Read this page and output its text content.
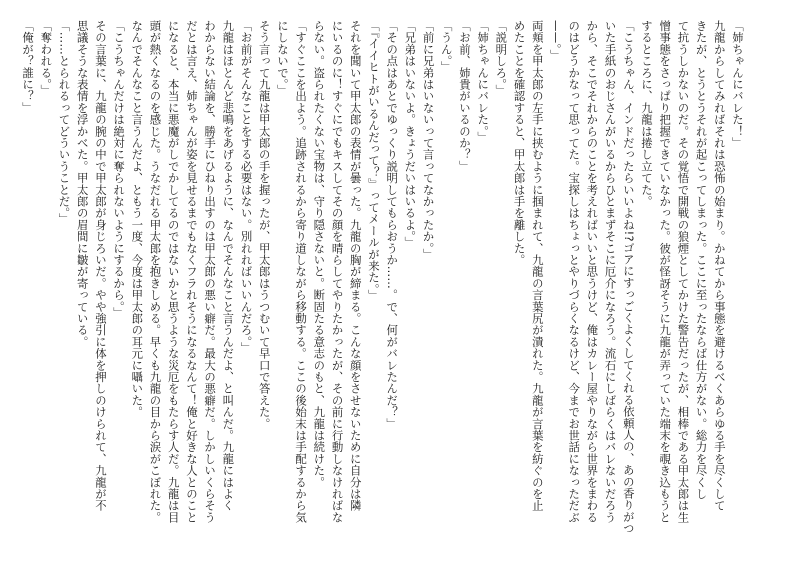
「姉ちゃんにバレた！」

九龍からしてみればそれは恐怖の始まり。かねてから事態を避けるべくあらゆる手を尽くして

きたが、とうとうそれが起こってしまった。ここに至ったならば仕方がない。総力を尽くし

て抗うしかないのだ。その覚悟で開戦の狼煙としてかけた警告だったが、相棒である甲太郎は生

憎事態をさっぱり把握できていなかった。彼が怪訝そうに九龍が弄っていた端末を覗き込もうと

するところに、九龍は捲し立てた。

「こうちゃん、インドだったらいいよね!?ゴアにすっごくよくしてくれる依頼人の、あの香りがつ

いた手紙のおじさんがいるからひとまずそこに厄介になろう。流石にしばらくはバレないだろう

から、そこでそれからのことを考えればいいと思うけど、俺はカレー屋やりながら世界をまわる

のはどうかなって思ってた。宝探しはちょっとやりづらくなるけど、今までお世話になっただぶ

——。」

両頬を甲太郎の左手に挟むように掴まれて、九龍の言葉尻が潰れた。九龍が言葉を紡ぐのを止

めたことを確認すると、甲太郎は手を離した。

「説明しろ。」

「姉ちゃんにバレた。」

「お前、姉貴がいるのか？」

「うん。」

「前に兄弟はいないって言ってなかったか。」

「兄弟はいないよ。きょうだいはいるよ。」

「その点はあとでゆっくり説明してもらおうか……。で、何がバレたんだ？」

「『イイヒトがいるんだって？』ってメールが来た。」

それを聞いて甲太郎の表情が曇った。九龍の胸が締まる。こんな顔をさせないために自分は隣

にいるのに！すぐにでもキスしてその顔を晴らしてやりたかったが、その前に行動しなければな

らない。盗られたくない宝物は、守り隠さないと。断固たる意志のもと、九龍は続けた。

「すぐここを出よう。追跡されるから寄り道しながら移動する。ここの後始末は手配するから気

にしないで。」

そう言って九龍は甲太郎の手を握ったが、甲太郎はうつむいて早口で答えた。

「お前がそんなことをする必要はない。別れればいいんだろ。」

九龍はほとんど悲鳴をあげるように、なんでそんなこと言うんだよ、と叫んだ。九龍にはよく

わからない結論を、勝手にひねり出すのは甲太郎の悪い癖だ。最大の悪癖だ。しかしいくらそう

だとは言え、姉ちゃんが姿を見せるまでもなくフラれそうになるなんて！俺と好きな人とのこと

になると、本当に悪魔がしでかしてるのではないかと思うような災厄をもたらす人だ。九龍は目

頭が熱くなるのを感じた。うなだれる甲太郎を抱きしめる。早くも九龍の目から涙がこぼれた。

なんでそんなこと言うんだよ、ともう一度、今度は甲太郎の耳元に囁いた。

「こうちゃんだけは絶対に奪られないようにするから。」

その言葉に、九龍の腕の中で甲太郎が身じろいだ。やや強引に体を押しのけられて、九龍が不

思議そうな表情を浮かべた。甲太郎の眉間に皺が寄っている。

「……とられるってどういうことだ。」

「奪われる。」

「俺が？誰に？」
